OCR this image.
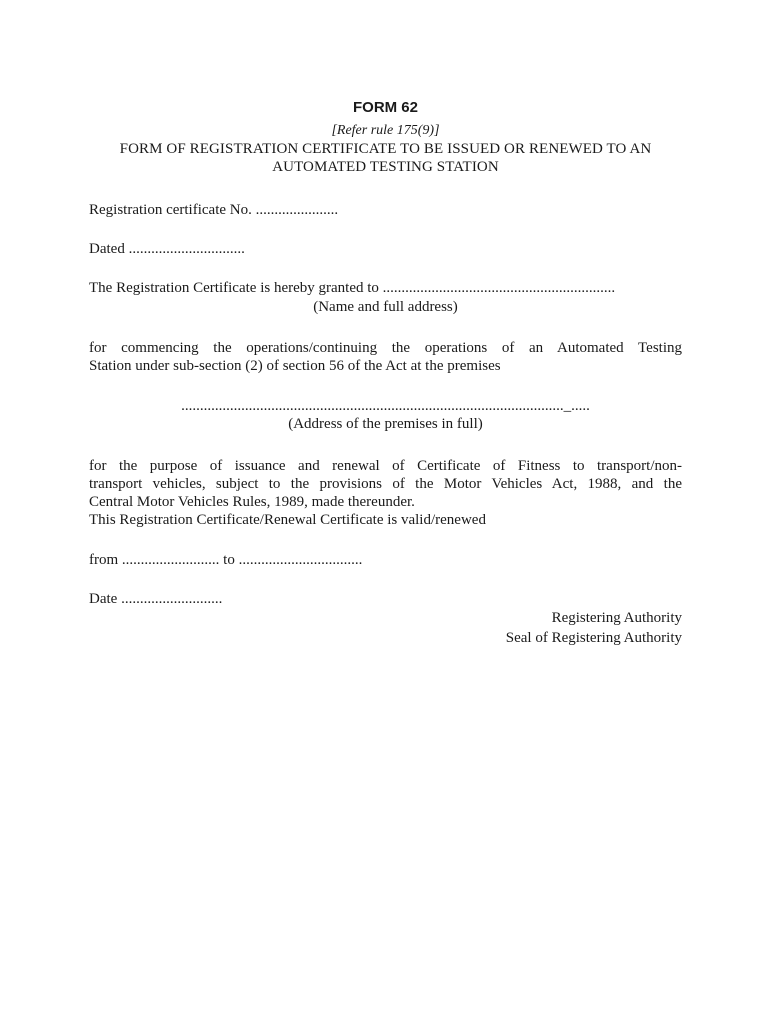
FORM 62
[Refer rule 175(9)]
FORM OF REGISTRATION CERTIFICATE TO BE ISSUED OR RENEWED TO AN
AUTOMATED TESTING STATION
Registration certificate No. ......................
Dated ...............................
The Registration Certificate is hereby granted to ..............................................................
(Name and full address)
for commencing the operations/continuing the operations of an Automated Testing
Station under sub-section (2) of section 56 of the Act at the premises
......................................................................................................_.....
(Address of the premises in full)
for the purpose of issuance and renewal of Certificate of Fitness to transport/non-
transport vehicles, subject to the provisions of the Motor Vehicles Act, 1988, and the
Central Motor Vehicles Rules, 1989, made thereunder.
This Registration Certificate/Renewal Certificate is valid/renewed
from .......................... to .................................
Date ...........................
Registering Authority
Seal of Registering Authority
